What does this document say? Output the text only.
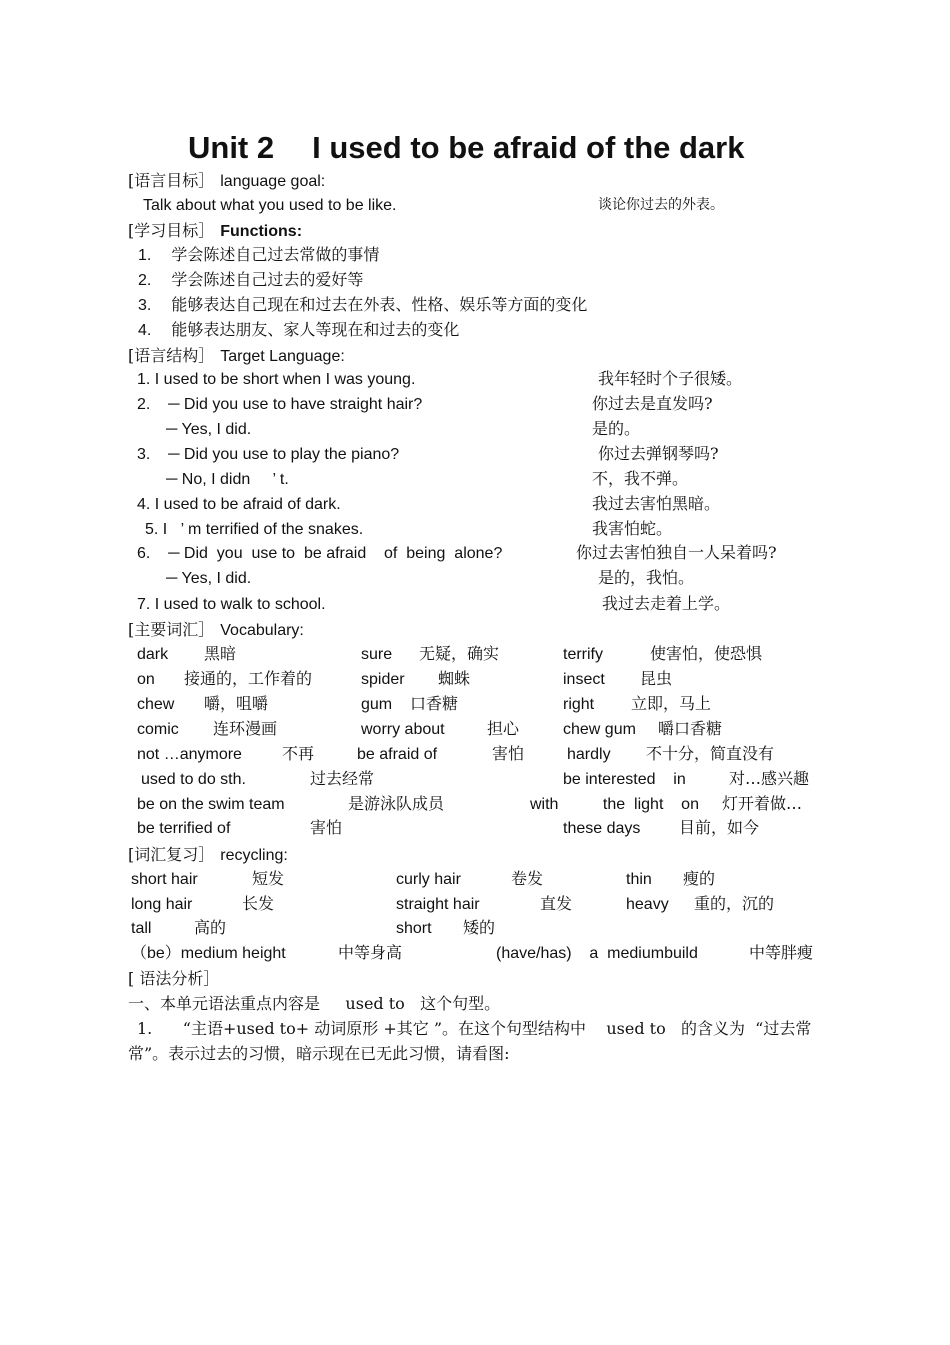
Unit 2 I used to be afraid of the dark
[语言目标］ language goal:
Talk about what you used to be like.	谈论你过去的外表。
[学习目标］ Functions:
1. 学会陈述自己过去常做的事情
2. 学会陈述自己过去的爱好等
3. 能够表达自己现在和过去在外表、性格、娱乐等方面的变化
4. 能够表达朋友、家人等现在和过去的变化
[语言结构］ Target Language:
1. I used to be short when I was young.	我年轻时个子很矮。
2.    ─ Did you use to have straight hair?	你过去是直发吗?
─ Yes, I did.	是的。
3.    ─ Did you use to play the piano?	你过去弹钢琴吗?
─ No, I didn     ’ t.	不，我不弹。
4. I used to be afraid of dark.	我过去害怕黑暗。
5. I   ’ m terrified of the snakes.	我害怕蛇。
6.    ─ Did  you  use to  be afraid    of  being  alone?	你过去害怕独自一人呆着吗?
─ Yes, I did.	是的，我怕。
7. I used to walk to school.	我过去走着上学。
[主要词汇］ Vocabulary:
dark 黑暗	sure 无疑，确实	terrify	使害怕，使恐惧
on 接通的，工作着的	spider 蜘蛛	insect 昆虫
chew 嚼，咀嚼	gum 口香糖	right 立即，马上
comic 连环漫画	worry about	担心	chew gum 嚼口香糖
not …anymore	不再	be afraid of	害怕	hardly 不十分，简直没有
used to do sth.	过去经常	be interested    in	对…感兴趣
be on the swim team	是游泳队成员	with          the  light    on 灯开着做…
be terrified of	害怕	these days 目前，如今
[词汇复习］ recycling:
short hair	短发	curly hair	卷发	thin 瘦的
long hair	长发	straight hair	直发	heavy 重的，沉的
tall	高的	short 矮的
（be）medium height	中等身高	(have/has)    a  mediumbuild	中等胖瘦
[ 语法分析］
一、本单元语法重点内容是     used to   这个句型。
1.      “主语+used to+ 动词原形 +其它 ”。在这个句型结构中    used to   的含义为  “过去常
常”。表示过去的习惯，暗示现在已无此习惯，请看图:
